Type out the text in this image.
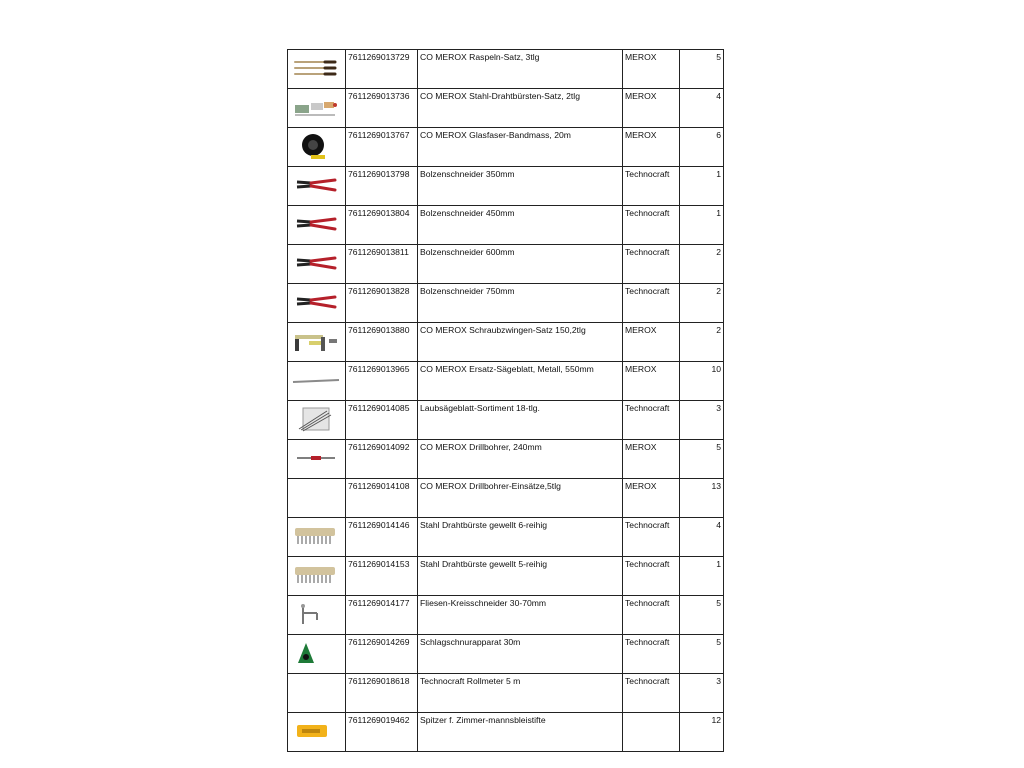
	7611269013729	CO MEROX Raspeln-Satz, 3tlg	MEROX	5

	7611269013736	CO MEROX Stahl-Drahtbürsten-Satz, 2tlg	MEROX	4

	7611269013767	CO MEROX Glasfaser-Bandmass, 20m	MEROX	6

	7611269013798	Bolzenschneider 350mm	Technocraft	1

	7611269013804	Bolzenschneider 450mm	Technocraft	1

	7611269013811	Bolzenschneider 600mm	Technocraft	2

	7611269013828	Bolzenschneider 750mm	Technocraft	2

	7611269013880	CO MEROX Schraubzwingen-Satz 150,2tlg	MEROX	2

	7611269013965	CO MEROX Ersatz-Sägeblatt, Metall, 550mm	MEROX	10

	7611269014085	Laubsägeblatt-Sortiment 18-tlg.	Technocraft	3

	7611269014092	CO MEROX Drillbohrer, 240mm	MEROX	5
	7611269014108	CO MEROX Drillbohrer-Einsätze,5tlg	MEROX	13

	7611269014146	Stahl Drahtbürste gewellt 6-reihig	Technocraft	4

	7611269014153	Stahl Drahtbürste gewellt 5-reihig	Technocraft	1

	7611269014177	Fliesen-Kreisschneider 30-70mm	Technocraft	5

	7611269014269	Schlagschnurapparat 30m	Technocraft	5
	7611269018618	Technocraft Rollmeter 5 m	Technocraft	3

	7611269019462	Spitzer f. Zimmer-mannsbleistifte		12
